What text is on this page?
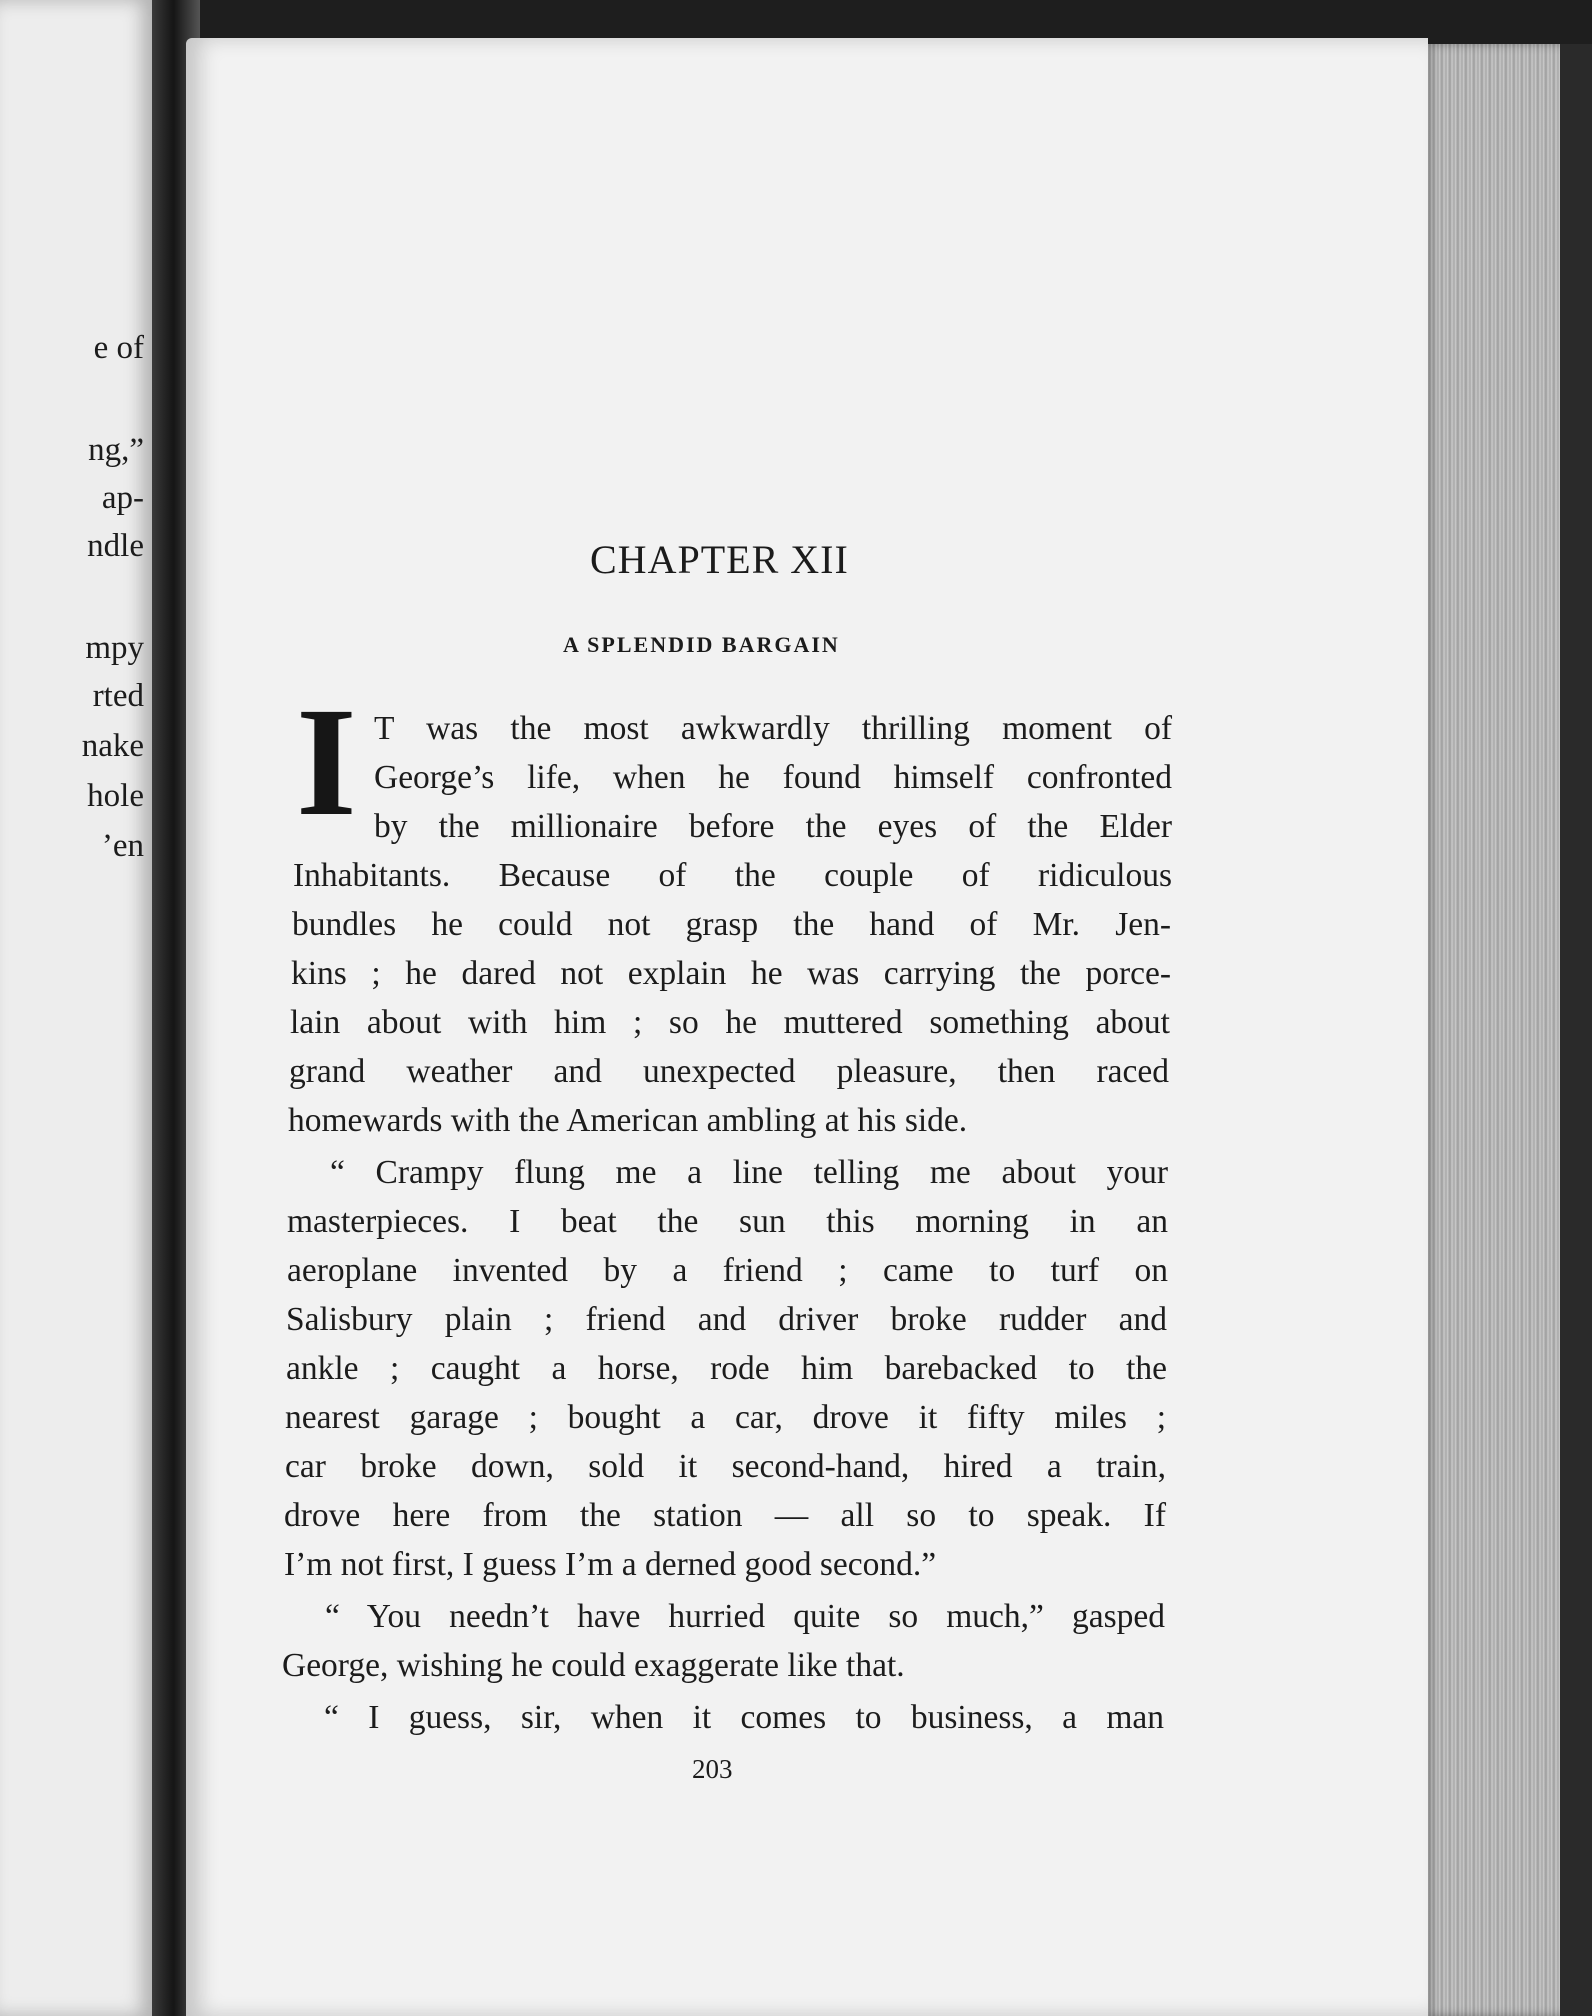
e of
ng,”
ap-
ndle
mpy
rted
nake
hole
’en
CHAPTER XII
A SPLENDID BARGAIN
I T was the most awkwardly thrilling moment of
George’s life, when he found himself confronted
by the millionaire before the eyes of the Elder
Inhabitants. Because of the couple of ridiculous
bundles he could not grasp the hand of Mr. Jen-
kins ; he dared not explain he was carrying the porce-
lain about with him ; so he muttered something about
grand weather and unexpected pleasure, then raced
homewards with the American ambling at his side.
“ Crampy flung me a line telling me about your
masterpieces. I beat the sun this morning in an
aeroplane invented by a friend ; came to turf on
Salisbury plain ; friend and driver broke rudder and
ankle ; caught a horse, rode him barebacked to the
nearest garage ; bought a car, drove it fifty miles ;
car broke down, sold it second-hand, hired a train,
drove here from the station — all so to speak. If
I’m not first, I guess I’m a derned good second.”
“ You needn’t have hurried quite so much,” gasped
George, wishing he could exaggerate like that.
“ I guess, sir, when it comes to business, a man
203
